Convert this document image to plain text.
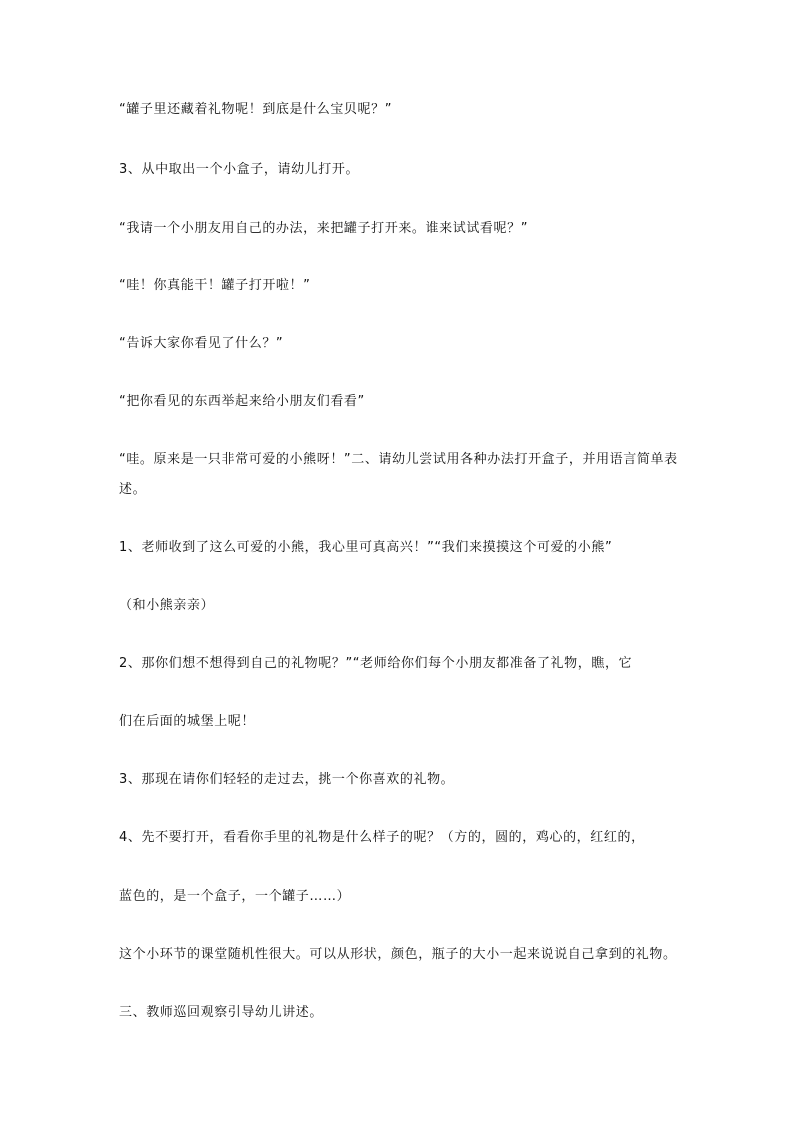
“罐子里还藏着礼物呢！到底是什么宝贝呢？”
3、从中取出一个小盒子，请幼儿打开。
“我请一个小朋友用自己的办法，来把罐子打开来。谁来试试看呢？”
“哇！你真能干！罐子打开啦！”
“告诉大家你看见了什么？”
“把你看见的东西举起来给小朋友们看看”
“哇。原来是一只非常可爱的小熊呀！”二、请幼儿尝试用各种办法打开盒子，并用语言简单表述。
1、老师收到了这么可爱的小熊，我心里可真高兴！”“我们来摸摸这个可爱的小熊”
（和小熊亲亲）
2、那你们想不想得到自己的礼物呢？”“老师给你们每个小朋友都准备了礼物，瞧，它
们在后面的城堡上呢！
3、那现在请你们轻轻的走过去，挑一个你喜欢的礼物。
4、先不要打开，看看你手里的礼物是什么样子的呢？（方的，圆的，鸡心的，红红的，
蓝色的，是一个盒子，一个罐子……）
这个小环节的课堂随机性很大。可以从形状，颜色，瓶子的大小一起来说说自己拿到的礼物。
三、教师巡回观察引导幼儿讲述。
